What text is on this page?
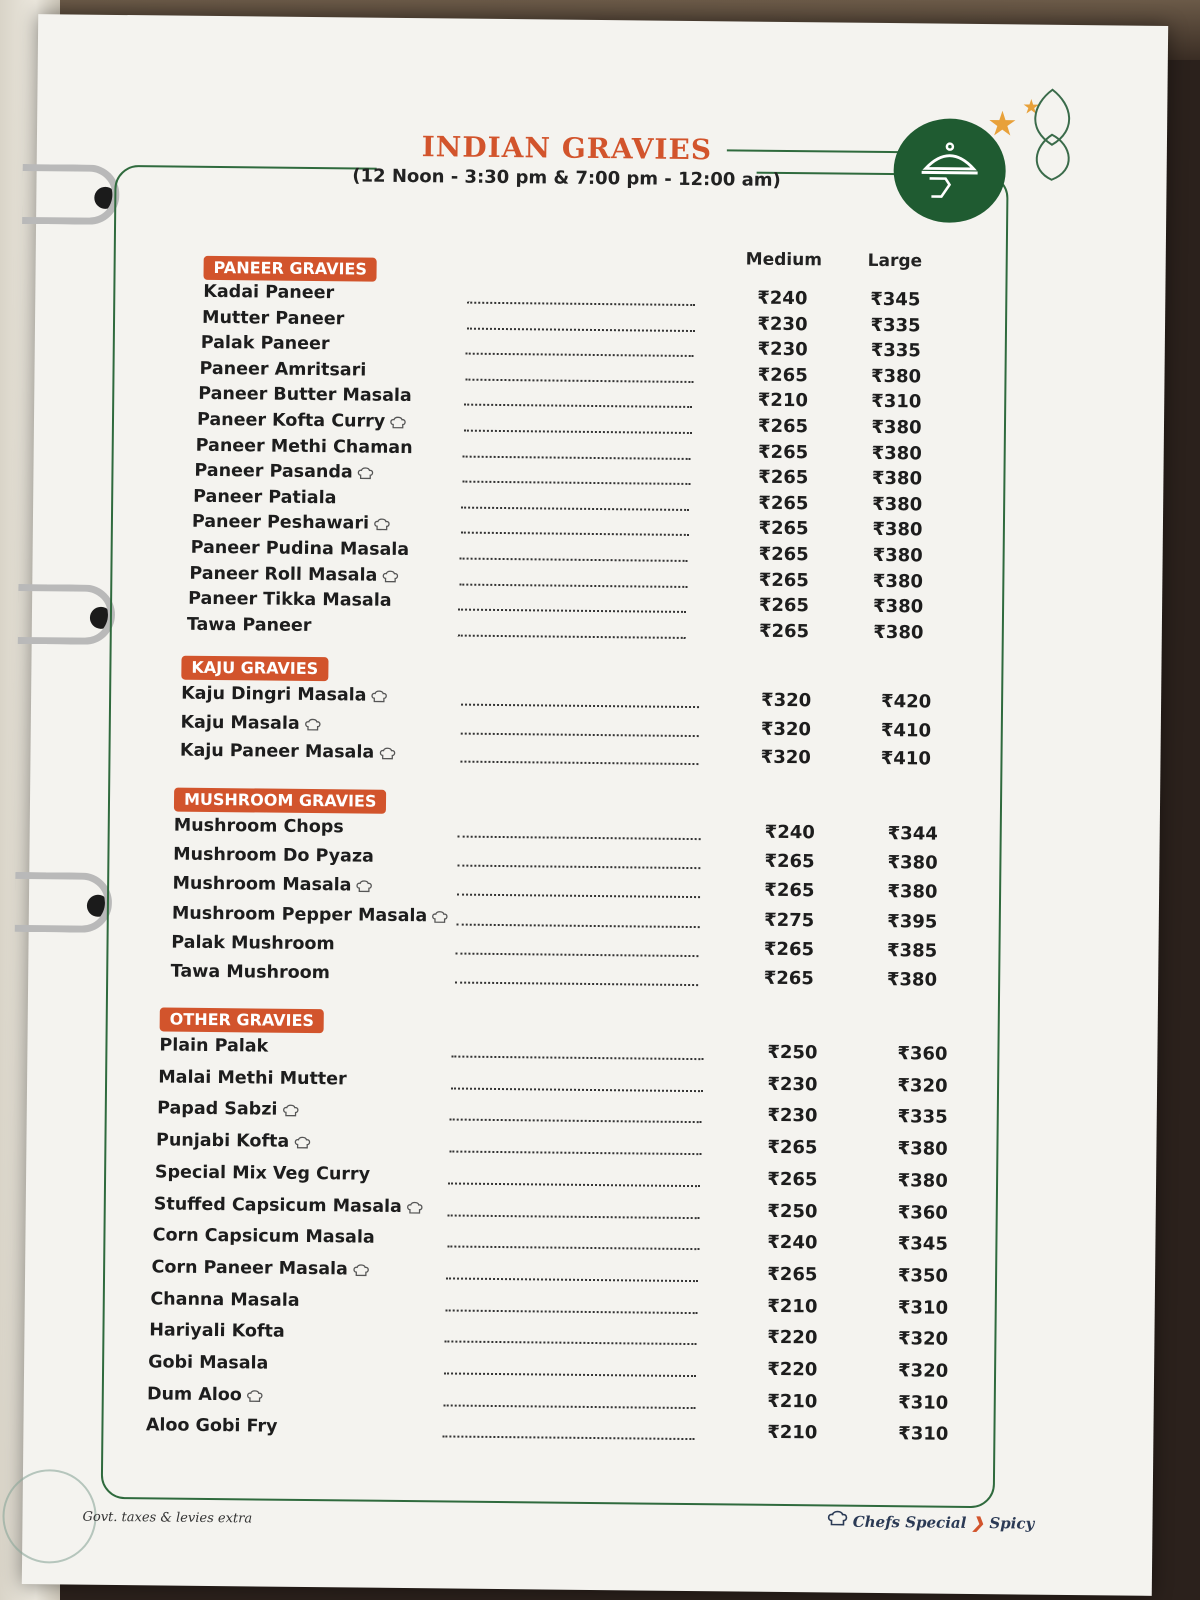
INDIAN GRAVIES
(12 Noon - 3:30 pm & 7:00 pm - 12:00 am)
★ ★
Medium	Large
PANEER GRAVIES
Kadai Paneer	₹240	₹345
Mutter Paneer	₹230	₹335
Palak Paneer	₹230	₹335
Paneer Amritsari	₹265	₹380
Paneer Butter Masala	₹210	₹310
Paneer Kofta Curry	₹265	₹380
Paneer Methi Chaman	₹265	₹380
Paneer Pasanda	₹265	₹380
Paneer Patiala	₹265	₹380
Paneer Peshawari	₹265	₹380
Paneer Pudina Masala	₹265	₹380
Paneer Roll Masala	₹265	₹380
Paneer Tikka Masala	₹265	₹380
Tawa Paneer	₹265	₹380
KAJU GRAVIES
Kaju Dingri Masala	₹320	₹420
Kaju Masala	₹320	₹410
Kaju Paneer Masala	₹320	₹410
MUSHROOM GRAVIES
Mushroom Chops	₹240	₹344
Mushroom Do Pyaza	₹265	₹380
Mushroom Masala	₹265	₹380
Mushroom Pepper Masala	₹275	₹395
Palak Mushroom	₹265	₹385
Tawa Mushroom	₹265	₹380
OTHER GRAVIES
Plain Palak	₹250	₹360
Malai Methi Mutter	₹230	₹320
Papad Sabzi	₹230	₹335
Punjabi Kofta	₹265	₹380
Special Mix Veg Curry	₹265	₹380
Stuffed Capsicum Masala	₹250	₹360
Corn Capsicum Masala	₹240	₹345
Corn Paneer Masala	₹265	₹350
Channa Masala	₹210	₹310
Hariyali Kofta	₹220	₹320
Gobi Masala	₹220	₹320
Dum Aloo	₹210	₹310
Aloo Gobi Fry	₹210	₹310
Govt. taxes & levies extra	Chefs Special ❯ Spicy
